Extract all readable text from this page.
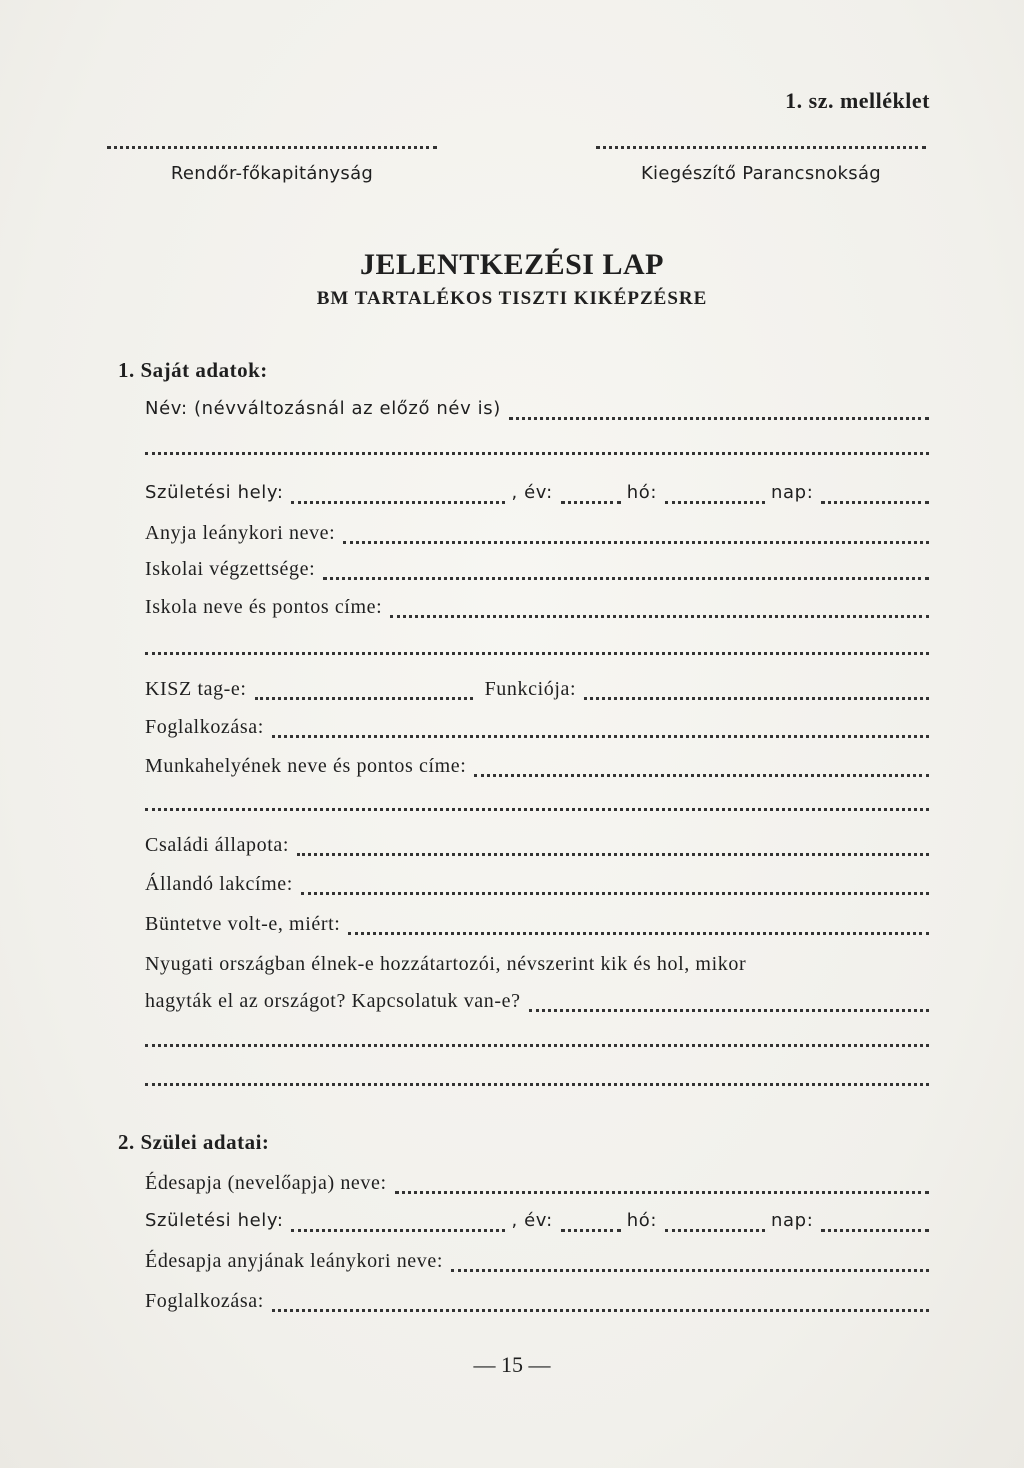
1. sz. melléklet
Rendőr-főkapitányság	Kiegészítő Parancsnokság
JELENTKEZÉSI LAP
BM TARTALÉKOS TISZTI KIKÉPZÉSRE
1. Saját adatok:
Név: (névváltozásnál az előző név is)
Születési hely:	, év:	hó:	nap:
Anyja leánykori neve:
Iskolai végzettsége:
Iskola neve és pontos címe:
KISZ tag-e:	Funkciója:
Foglalkozása:
Munkahelyének neve és pontos címe:
Családi állapota:
Állandó lakcíme:
Büntetve volt-e, miért:
Nyugati országban élnek-e hozzátartozói, névszerint kik és hol, mikor
hagyták el az országot? Kapcsolatuk van-e?
2. Szülei adatai:
Édesapja (nevelőapja) neve:
Születési hely:	, év:	hó:	nap:
Édesapja anyjának leánykori neve:
Foglalkozása:
— 15 —
